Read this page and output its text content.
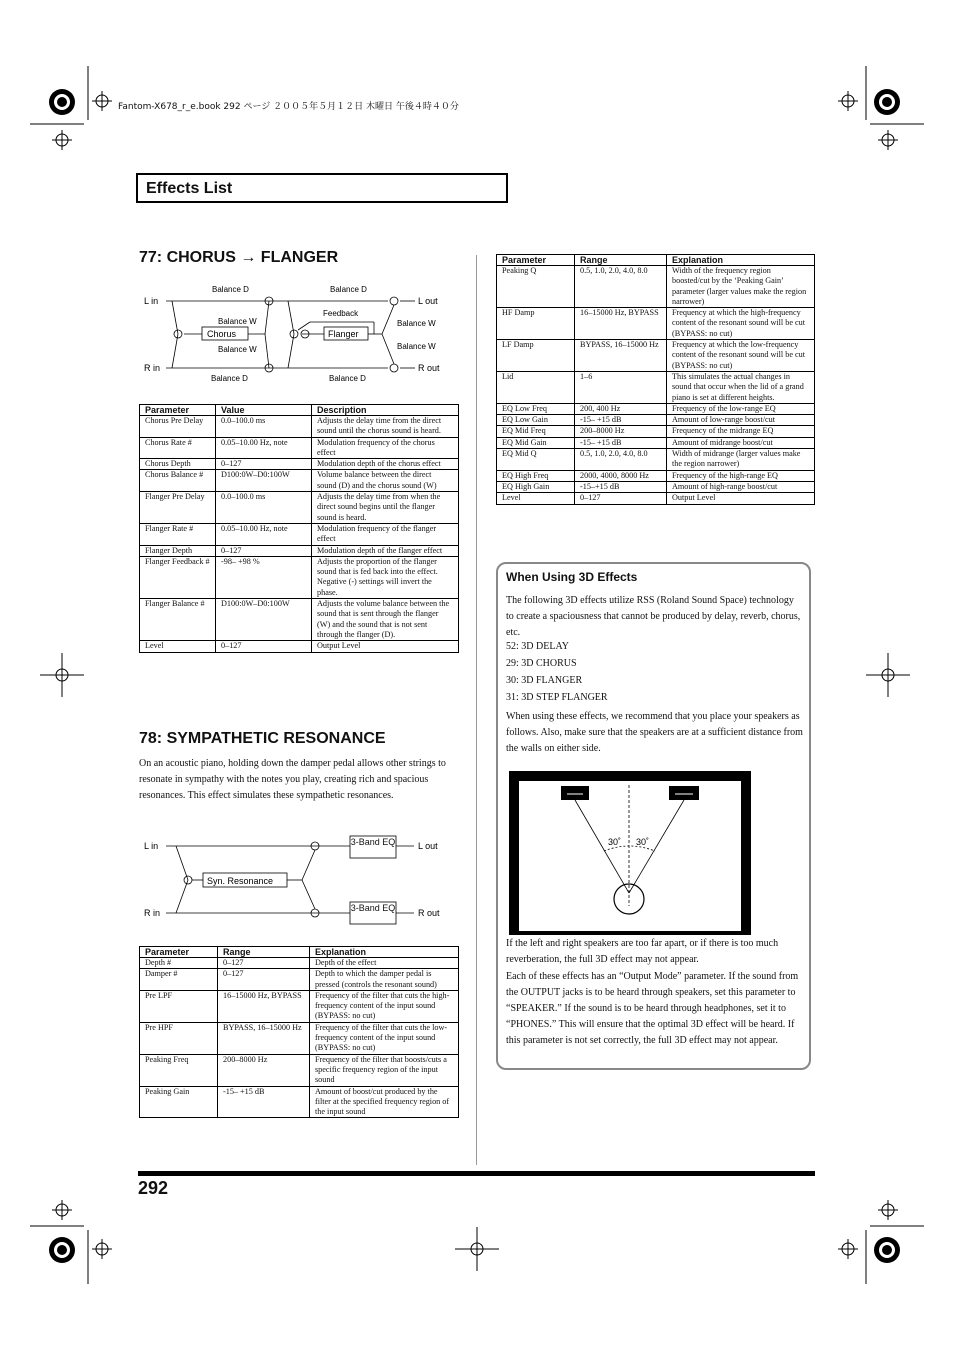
Fantom-X678_r_e.book 292 ページ ２００５年５月１２日 木曜日 午後４時４０分
Effects List
77: CHORUS → FLANGER
L in
R in
L out
R out
Chorus	Flanger
Feedback
Balance D	Balance D
Balance W
Balance W
Balance W
Balance W
Balance D	Balance D
Parameter	Value	Description
Chorus Pre Delay	0.0–100.0 ms	Adjusts the delay time from the direct sound until the chorus sound is heard.
Chorus Rate #	0.05–10.00 Hz, note	Modulation frequency of the chorus effect
Chorus Depth	0–127	Modulation depth of the chorus effect
Chorus Balance #	D100:0W–D0:100W	Volume balance between the direct sound (D) and the chorus sound (W)
Flanger Pre Delay	0.0–100.0 ms	Adjusts the delay time from when the direct sound begins until the flanger sound is heard.
Flanger Rate #	0.05–10.00 Hz, note	Modulation frequency of the flanger effect
Flanger Depth	0–127	Modulation depth of the flanger effect
Flanger Feedback #	-98– +98 %	Adjusts the proportion of the flanger sound that is fed back into the effect. Negative (-) settings will invert the phase.
Flanger Balance #	D100:0W–D0:100W	Adjusts the volume balance between the sound that is sent through the flanger (W) and the sound that is not sent through the flanger (D).
Level	0–127	Output Level
78: SYMPATHETIC RESONANCE
On an acoustic piano, holding down the damper pedal allows other strings to resonate in sympathy with the notes you play, creating rich and spacious resonances. This effect simulates these sympathetic resonances.
L in
R in
L out
R out
Syn. Resonance
3-Band EQ
3-Band EQ
Parameter	Range	Explanation
Depth #	0–127	Depth of the effect
Damper #	0–127	Depth to which the damper pedal is pressed (controls the resonant sound)
Pre LPF	16–15000 Hz, BYPASS	Frequency of the filter that cuts the high-frequency content of the input sound (BYPASS: no cut)
Pre HPF	BYPASS, 16–15000 Hz	Frequency of the filter that cuts the low-frequency content of the input sound (BYPASS: no cut)
Peaking Freq	200–8000 Hz	Frequency of the filter that boosts/cuts a specific frequency region of the input sound
Peaking Gain	-15– +15 dB	Amount of boost/cut produced by the filter at the specified frequency region of the input sound
Parameter	Range	Explanation
Peaking Q	0.5, 1.0, 2.0, 4.0, 8.0	Width of the frequency region boosted/cut by the ‘Peaking Gain’ parameter (larger values make the region narrower)
HF Damp	16–15000 Hz, BYPASS	Frequency at which the high-frequency content of the resonant sound will be cut (BYPASS: no cut)
LF Damp	BYPASS, 16–15000 Hz	Frequency at which the low-frequency content of the resonant sound will be cut (BYPASS: no cut)
Lid	1–6	This simulates the actual changes in sound that occur when the lid of a grand piano is set at different heights.
EQ Low Freq	200, 400 Hz	Frequency of the low-range EQ
EQ Low Gain	-15– +15 dB	Amount of low-range boost/cut
EQ Mid Freq	200–8000 Hz	Frequency of the midrange EQ
EQ Mid Gain	-15– +15 dB	Amount of midrange boost/cut
EQ Mid Q	0.5, 1.0, 2.0, 4.0, 8.0	Width of midrange (larger values make the region narrower)
EQ High Freq	2000, 4000, 8000 Hz	Frequency of the high-range EQ
EQ High Gain	-15–+15 dB	Amount of high-range boost/cut
Level	0–127	Output Level
When Using 3D Effects
The following 3D effects utilize RSS (Roland Sound Space) technology to create a spaciousness that cannot be produced by delay, reverb, chorus, etc.
52: 3D DELAY
29: 3D CHORUS
30: 3D FLANGER
31: 3D STEP FLANGER
When using these effects, we recommend that you place your speakers as follows. Also, make sure that the speakers are at a sufficient distance from the walls on either side.
30˚ 30˚
If the left and right speakers are too far apart, or if there is too much reverberation, the full 3D effect may not appear.
Each of these effects has an “Output Mode” parameter. If the sound from the OUTPUT jacks is to be heard through speakers, set this parameter to “SPEAKER.” If the sound is to be heard through headphones, set it to “PHONES.” This will ensure that the optimal 3D effect will be heard. If this parameter is not set correctly, the full 3D effect may not appear.
292
